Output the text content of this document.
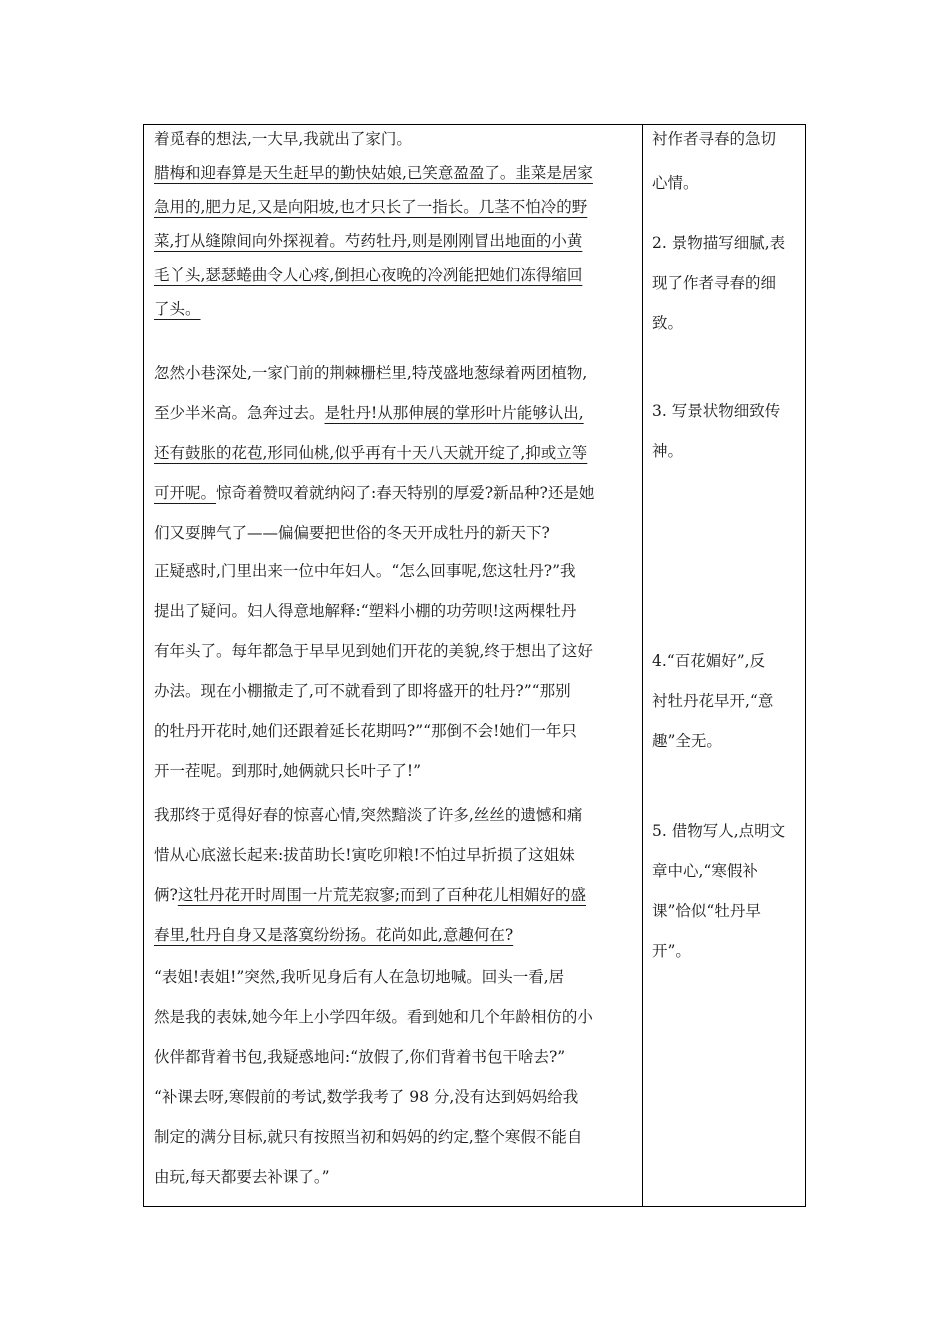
着觅春的想法,一大早,我就出了家门。
腊梅和迎春算是天生赶早的勤快姑娘,已笑意盈盈了。韭菜是居家
急用的,肥力足,又是向阳坡,也才只长了一指长。几茎不怕冷的野
菜,打从缝隙间向外探视着。芍药牡丹,则是刚刚冒出地面的小黄
毛丫头,瑟瑟蜷曲令人心疼,倒担心夜晚的冷冽能把她们冻得缩回
了头。
忽然小巷深处,一家门前的荆棘栅栏里,特茂盛地葱绿着两团植物,
至少半米高。急奔过去。是牡丹!从那伸展的掌形叶片能够认出,
还有鼓胀的花苞,形同仙桃,似乎再有十天八天就开绽了,抑或立等
可开呢。惊奇着赞叹着就纳闷了:春天特别的厚爱?新品种?还是她
们又耍脾气了——偏偏要把世俗的冬天开成牡丹的新天下?
正疑惑时,门里出来一位中年妇人。“怎么回事呢,您这牡丹?”我
提出了疑问。妇人得意地解释:“塑料小棚的功劳呗!这两棵牡丹
有年头了。每年都急于早早见到她们开花的美貌,终于想出了这好
办法。现在小棚撤走了,可不就看到了即将盛开的牡丹?”“那别
的牡丹开花时,她们还跟着延长花期吗?”“那倒不会!她们一年只
开一茬呢。到那时,她俩就只长叶子了!”
我那终于觅得好春的惊喜心情,突然黯淡了许多,丝丝的遗憾和痛
惜从心底滋长起来:拔苗助长!寅吃卯粮!不怕过早折损了这姐妹
俩?这牡丹花开时周围一片荒芜寂寥;而到了百种花儿相媚好的盛
春里,牡丹自身又是落寞纷纷扬。花尚如此,意趣何在?
“表姐!表姐!”突然,我听见身后有人在急切地喊。回头一看,居
然是我的表妹,她今年上小学四年级。看到她和几个年龄相仿的小
伙伴都背着书包,我疑惑地问:“放假了,你们背着书包干啥去?”
“补课去呀,寒假前的考试,数学我考了 98 分,没有达到妈妈给我
制定的满分目标,就只有按照当初和妈妈的约定,整个寒假不能自
由玩,每天都要去补课了。”
衬作者寻春的急切
心情。
2. 景物描写细腻,表
现了作者寻春的细
致。
3. 写景状物细致传
神。
4.“百花媚好”,反
衬牡丹花早开,“意
趣”全无。
5. 借物写人,点明文
章中心,“寒假补
课”恰似“牡丹早
开”。
